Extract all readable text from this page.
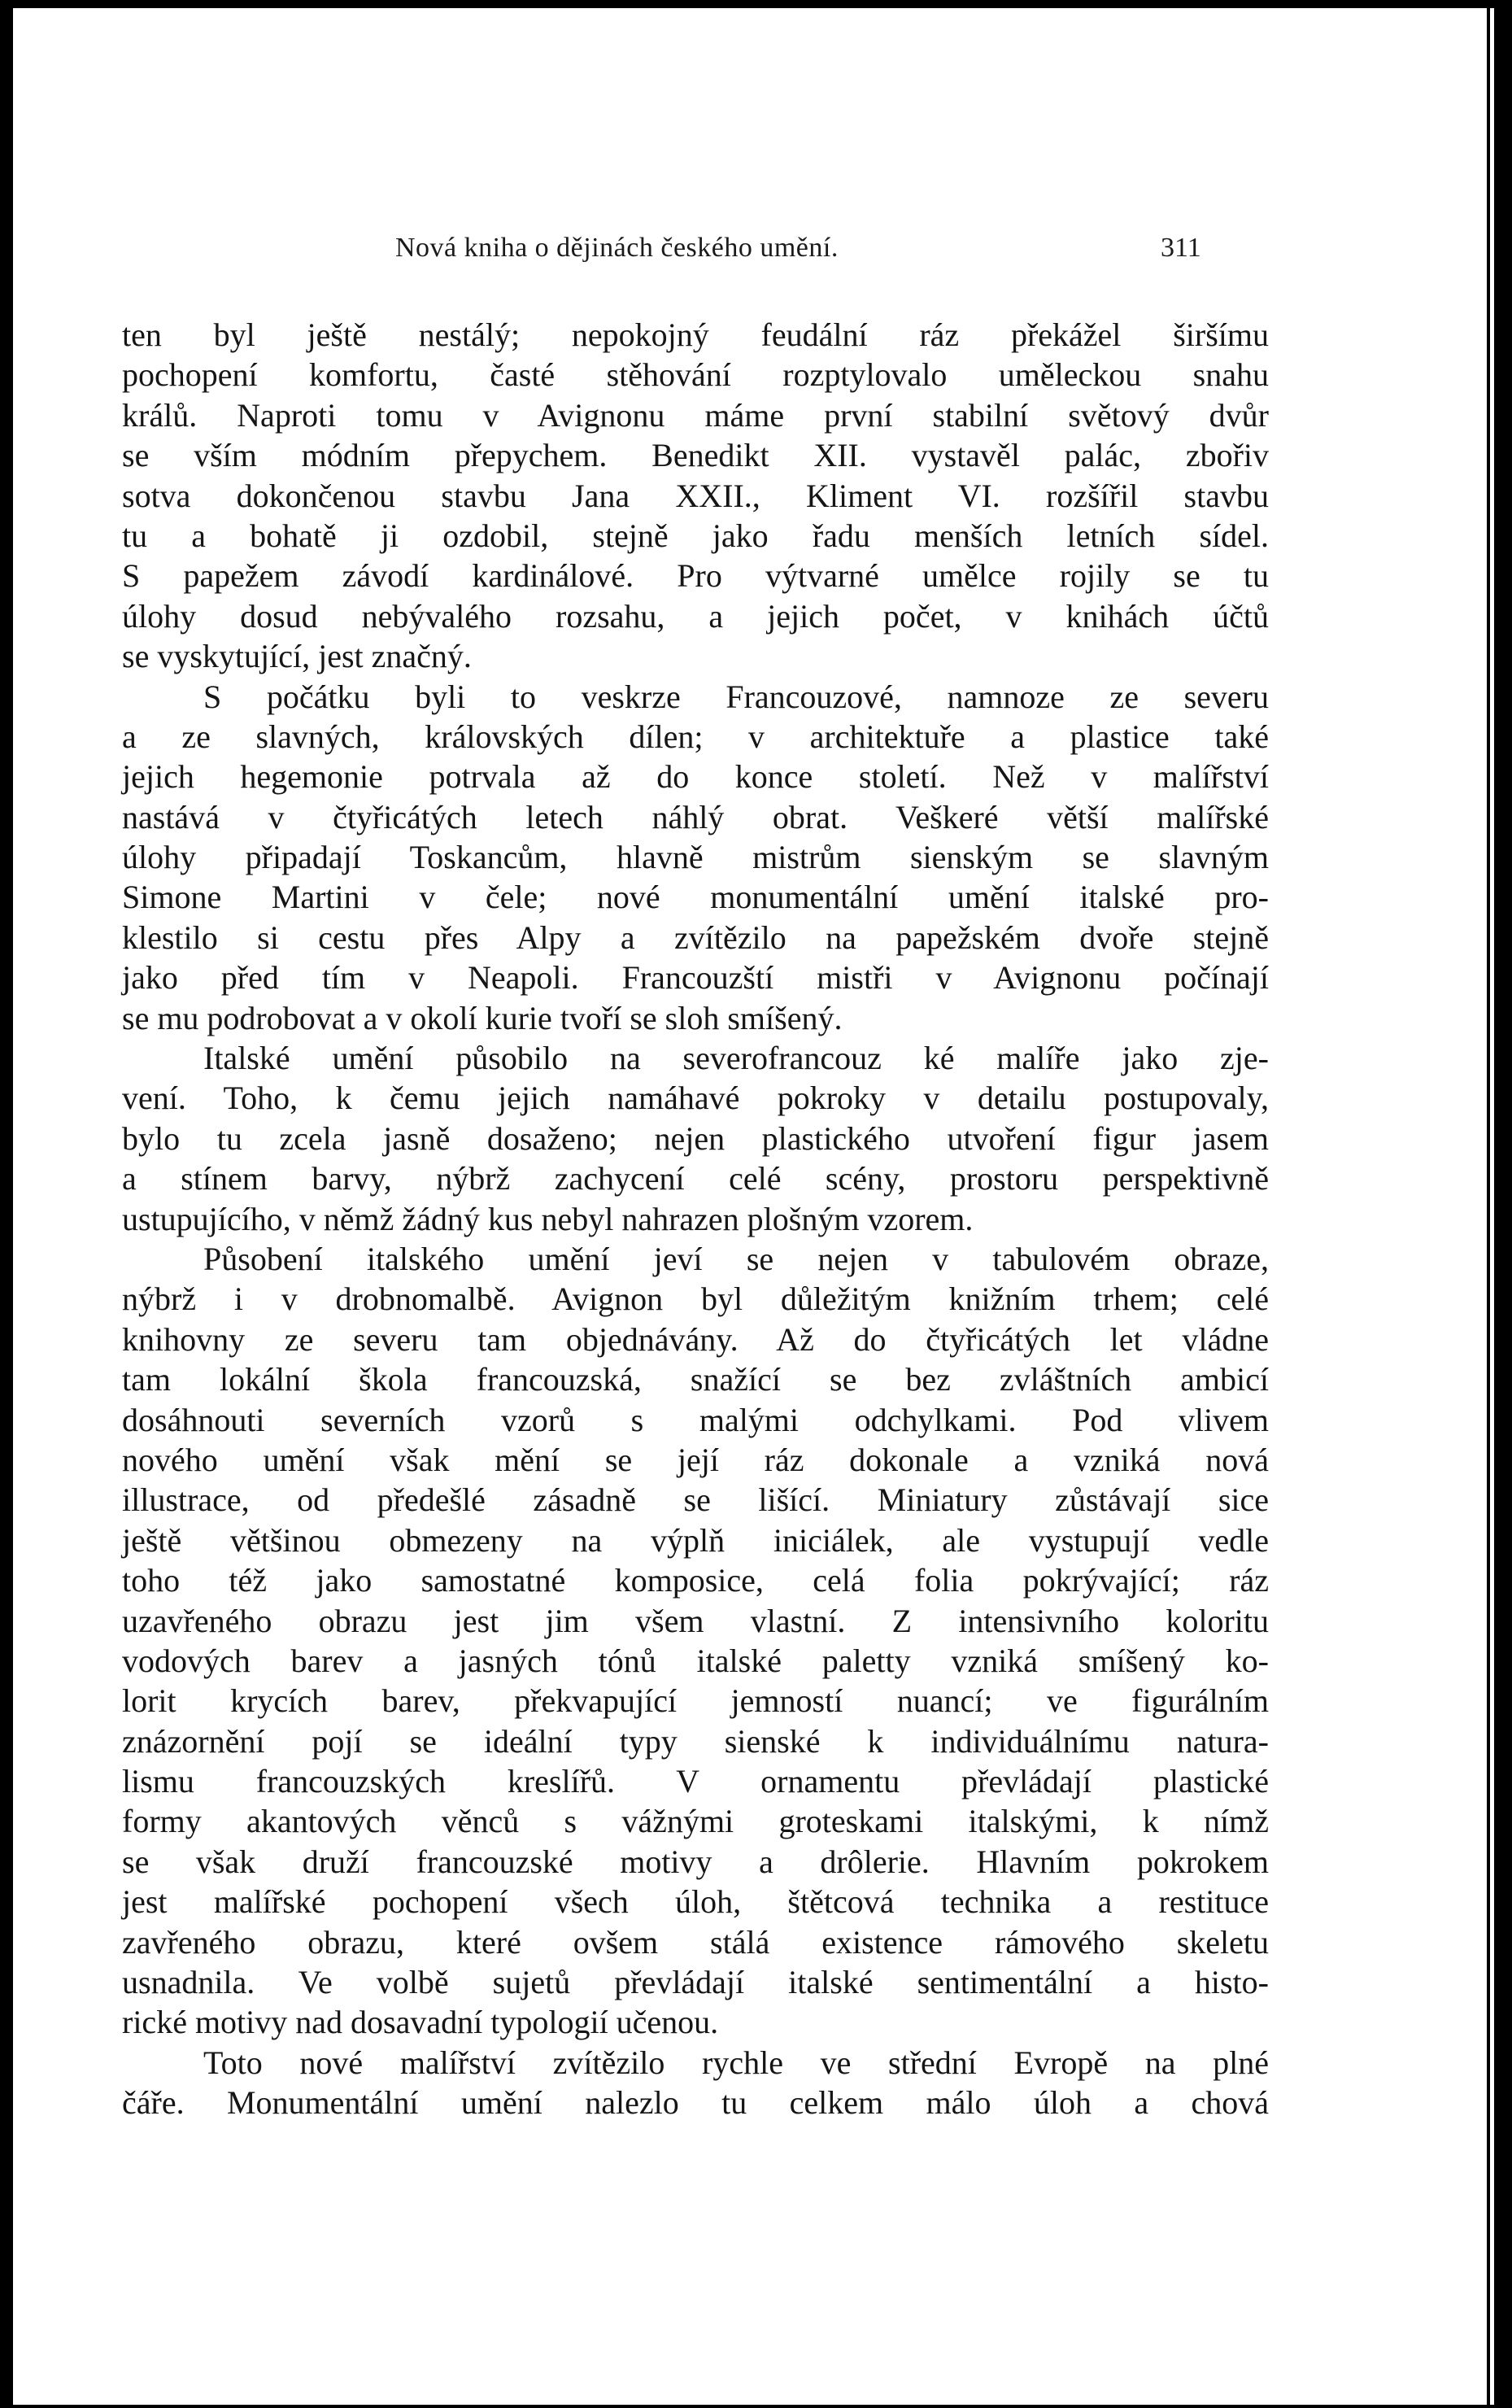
Nová kniha o dějinách českého umění.	311
ten byl ještě nestálý; nepokojný feudální ráz překážel širšímu
pochopení komfortu, časté stěhování rozptylovalo uměleckou snahu
králů. Naproti tomu v Avignonu máme první stabilní světový dvůr
se vším módním přepychem. Benedikt XII. vystavěl palác, zbořiv
sotva dokončenou stavbu Jana XXII., Kliment VI. rozšířil stavbu
tu a bohatě ji ozdobil, stejně jako řadu menších letních sídel.
S papežem závodí kardinálové. Pro výtvarné umělce rojily se tu
úlohy dosud nebývalého rozsahu, a jejich počet, v knihách účtů
se vyskytující, jest značný.
S počátku byli to veskrze Francouzové, namnoze ze severu
a ze slavných, královských dílen; v architektuře a plastice také
jejich hegemonie potrvala až do konce století. Než v malířství
nastává v čtyřicátých letech náhlý obrat. Veškeré větší malířské
úlohy připadají Toskancům, hlavně mistrům sienským se slavným
Simone Martini v čele; nové monumentální umění italské pro-
klestilo si cestu přes Alpy a zvítězilo na papežském dvoře stejně
jako před tím v Neapoli. Francouzští mistři v Avignonu počínají
se mu podrobovat a v okolí kurie tvoří se sloh smíšený.
Italské umění působilo na severofrancouz ké malíře jako zje-
vení. Toho, k čemu jejich namáhavé pokroky v detailu postupovaly,
bylo tu zcela jasně dosaženo; nejen plastického utvoření figur jasem
a stínem barvy, nýbrž zachycení celé scény, prostoru perspektivně
ustupujícího, v němž žádný kus nebyl nahrazen plošným vzorem.
Působení italského umění jeví se nejen v tabulovém obraze,
nýbrž i v drobnomalbě. Avignon byl důležitým knižním trhem; celé
knihovny ze severu tam objednávány. Až do čtyřicátých let vládne
tam lokální škola francouzská, snažící se bez zvláštních ambicí
dosáhnouti severních vzorů s malými odchylkami. Pod vlivem
nového umění však mění se její ráz dokonale a vzniká nová
illustrace, od předešlé zásadně se lišící. Miniatury zůstávají sice
ještě většinou obmezeny na výplň iniciálek, ale vystupují vedle
toho též jako samostatné komposice, celá folia pokrývající; ráz
uzavřeného obrazu jest jim všem vlastní. Z intensivního koloritu
vodových barev a jasných tónů italské paletty vzniká smíšený ko-
lorit krycích barev, překvapující jemností nuancí; ve figurálním
znázornění pojí se ideální typy sienské k individuálnímu natura-
lismu francouzských kreslířů. V ornamentu převládají plastické
formy akantových věnců s vážnými groteskami italskými, k nímž
se však druží francouzské motivy a drôlerie. Hlavním pokrokem
jest malířské pochopení všech úloh, štětcová technika a restituce
zavřeného obrazu, které ovšem stálá existence rámového skeletu
usnadnila. Ve volbě sujetů převládají italské sentimentální a histo-
rické motivy nad dosavadní typologií učenou.
Toto nové malířství zvítězilo rychle ve střední Evropě na plné
čáře. Monumentální umění nalezlo tu celkem málo úloh a chová
